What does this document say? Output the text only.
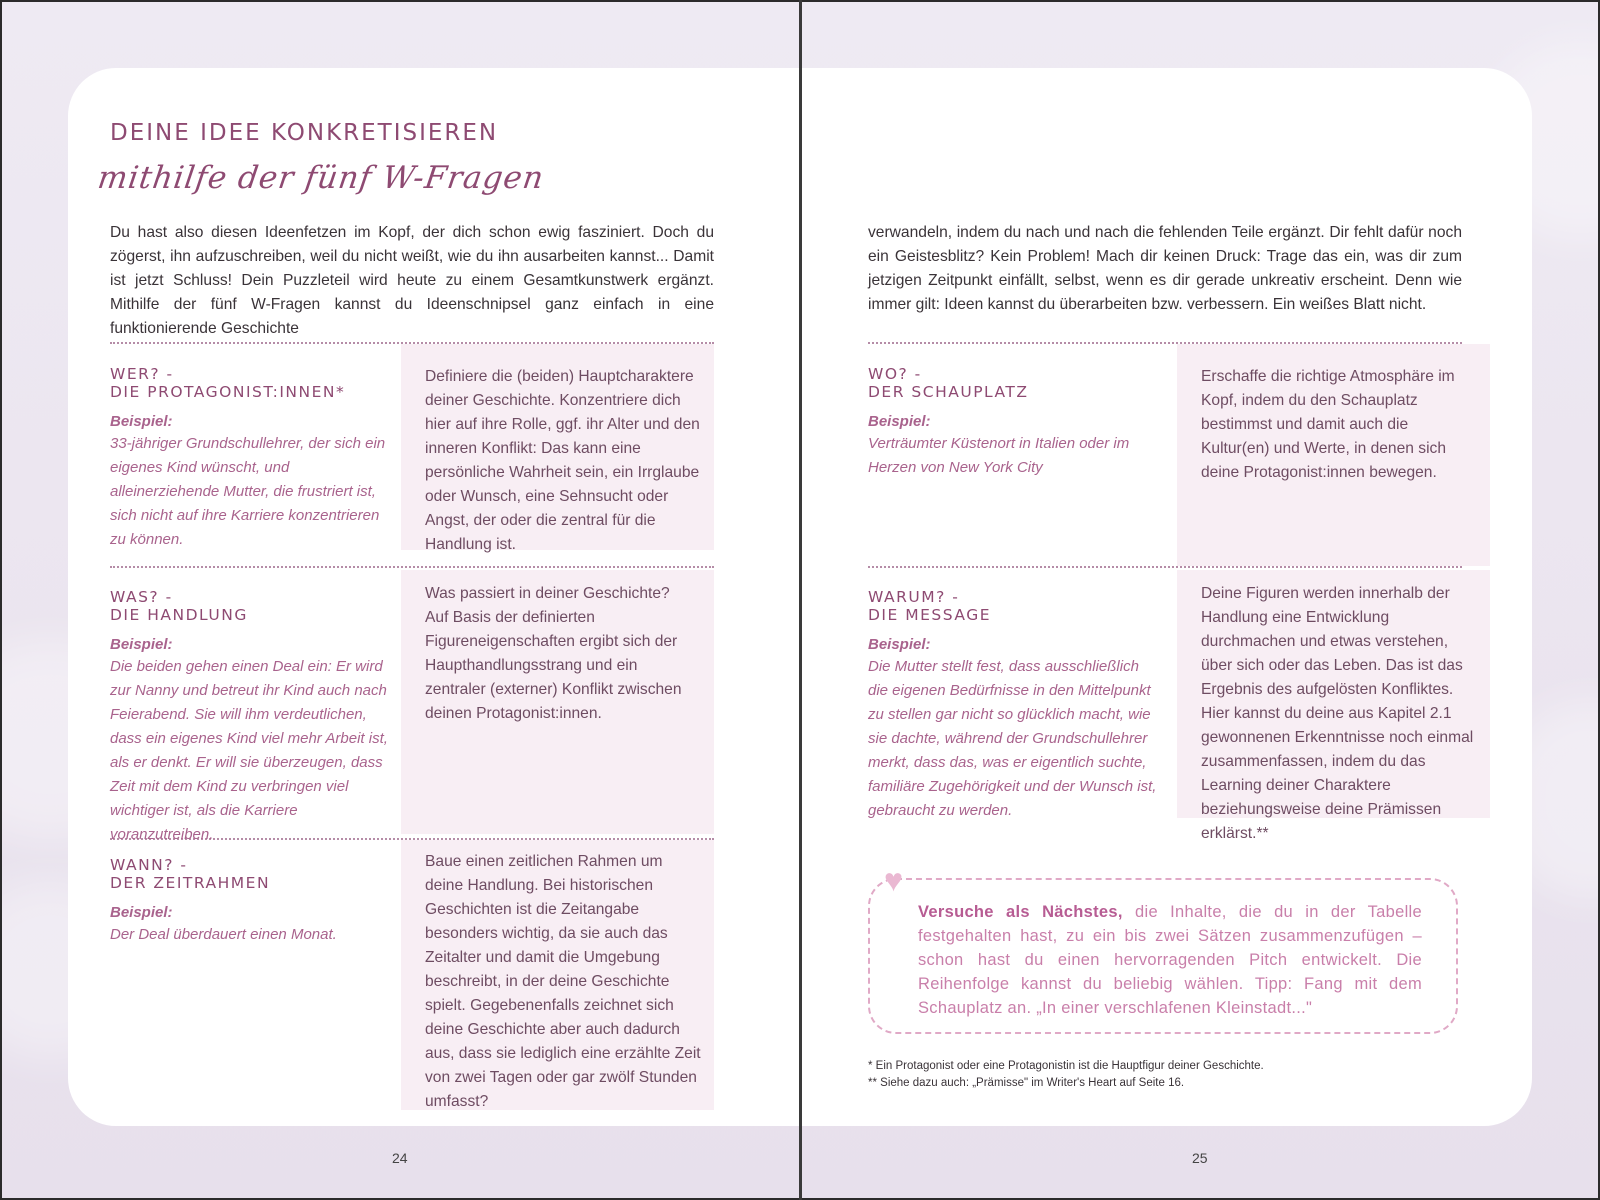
DEINE IDEE KONKRETISIEREN
mithilfe der fünf W-Fragen

Du hast also diesen Ideenfetzen im Kopf, der dich schon ewig fasziniert. Doch du zögerst, ihn aufzuschreiben, weil du nicht weißt, wie du ihn ausarbeiten kannst... Damit ist jetzt Schluss! Dein Puzzleteil wird heute zu einem Gesamtkunstwerk ergänzt. Mithilfe der fünf W-Fragen kannst du Ideenschnipsel ganz einfach in eine funktionierende Geschichte

WER? -
DIE PROTAGONIST:INNEN*

Beispiel:

33-jähriger Grundschullehrer, der sich ein eigenes Kind wünscht, und alleinerziehende Mutter, die frustriert ist, sich nicht auf ihre Karriere konzentrieren zu können.

Definiere die (beiden) Hauptcharaktere deiner Geschichte. Konzentriere dich hier auf ihre Rolle, ggf. ihr Alter und den inneren Konflikt: Das kann eine persönliche Wahrheit sein, ein Irrglaube oder Wunsch, eine Sehnsucht oder Angst, der oder die zentral für die Handlung ist.

WAS? -
DIE HANDLUNG

Beispiel:

Die beiden gehen einen Deal ein: Er wird zur Nanny und betreut ihr Kind auch nach Feierabend. Sie will ihm verdeutlichen, dass ein eigenes Kind viel mehr Arbeit ist, als er denkt. Er will sie überzeugen, dass Zeit mit dem Kind zu verbringen viel wichtiger ist, als die Karriere voranzutreiben.

Was passiert in deiner Geschichte? Auf Basis der definierten Figureneigenschaften ergibt sich der Haupthandlungsstrang und ein zentraler (externer) Konflikt zwischen deinen Protagonist:innen.

WANN? -
DER ZEITRAHMEN

Beispiel:

Der Deal überdauert einen Monat.

Baue einen zeitlichen Rahmen um deine Handlung. Bei historischen Geschichten ist die Zeitangabe besonders wichtig, da sie auch das Zeitalter und damit die Umgebung beschreibt, in der deine Geschichte spielt. Gegebenenfalls zeichnet sich deine Geschichte aber auch dadurch aus, dass sie lediglich eine erzählte Zeit von zwei Tagen oder gar zwölf Stunden umfasst?

verwandeln, indem du nach und nach die fehlenden Teile ergänzt. Dir fehlt dafür noch ein Geistesblitz? Kein Problem! Mach dir keinen Druck: Trage das ein, was dir zum jetzigen Zeitpunkt einfällt, selbst, wenn es dir gerade unkreativ erscheint. Denn wie immer gilt: Ideen kannst du überarbeiten bzw. verbessern. Ein weißes Blatt nicht.

WO? -
DER SCHAUPLATZ

Beispiel:

Verträumter Küstenort in Italien oder im Herzen von New York City

Erschaffe die richtige Atmosphäre im Kopf, indem du den Schauplatz bestimmst und damit auch die Kultur(en) und Werte, in denen sich deine Protagonist:innen bewegen.

WARUM? -
DIE MESSAGE

Beispiel:

Die Mutter stellt fest, dass ausschließlich die eigenen Bedürfnisse in den Mittelpunkt zu stellen gar nicht so glücklich macht, wie sie dachte, während der Grundschullehrer merkt, dass das, was er eigentlich suchte, familiäre Zugehörigkeit und der Wunsch ist, gebraucht zu werden.

Deine Figuren werden innerhalb der Handlung eine Entwicklung durchmachen und etwas verstehen, über sich oder das Leben. Das ist das Ergebnis des aufgelösten Konfliktes. Hier kannst du deine aus Kapitel 2.1 gewonnenen Erkenntnisse noch einmal zusammenfassen, indem du das Learning deiner Charaktere beziehungsweise deine Prämissen erklärst.**

♥

Versuche als Nächstes, die Inhalte, die du in der Tabelle festgehalten hast, zu ein bis zwei Sätzen zusammenzufügen – schon hast du einen hervorragenden Pitch entwickelt. Die Reihenfolge kannst du beliebig wählen. Tipp: Fang mit dem Schauplatz an. „In einer verschlafenen Kleinstadt..."

* Ein Protagonist oder eine Protagonistin ist die Hauptfigur deiner Geschichte.

** Siehe dazu auch: „Prämisse" im Writer's Heart auf Seite 16.

24	25
